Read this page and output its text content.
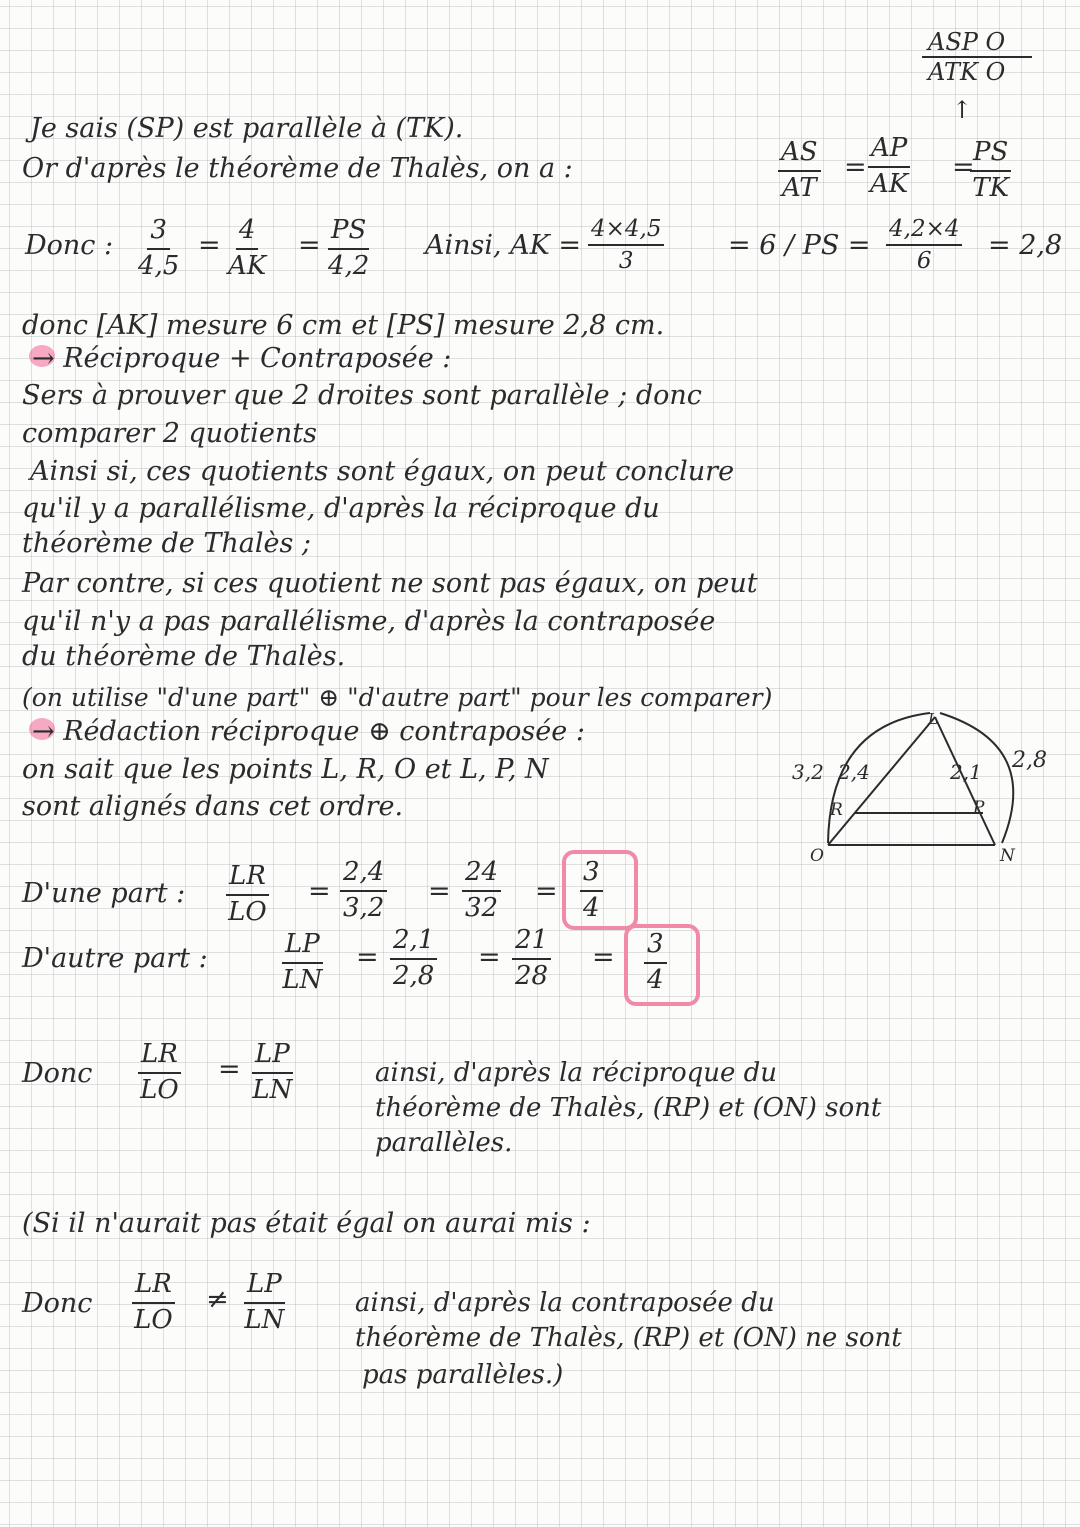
ASP O
ATK O
↑
Je sais (SP) est parallèle à (TK).
Or d'après le théorème de Thalès, on a :	$\frac{AS}{AT} = \frac{AP}{AK}$ =
$\frac{PS}{TK}$
Donc : $\frac{3}{4,5} = \frac{4}{AK} = \frac{PS}{4,2}$ Ainsi, AK = $\frac{4\times 4,5}{3} = 6$ / PS = $\frac{4,2\times 4}{6} = 2,8$
donc [AK] mesure 6 cm et [PS] mesure 2,8 cm.
→ Réciproque + Contraposée :
Sers à prouver que 2 droites sont parallèle ; donc
comparer 2 quotients
Ainsi si, ces quotients sont égaux, on peut conclure
qu'il y a parallélisme, d'après la réciproque du
théorème de Thalès ;
Par contre, si ces quotient ne sont pas égaux, on peut
qu'il n'y a pas parallélisme, d'après la contraposée
du théorème de Thalès.
(on utilise "d'une part" ⊕ "d'autre part" pour les comparer)
→ Rédaction réciproque ⊕ contraposée :
on sait que les points L, R, O et L, P, N
sont alignés dans cet ordre.
L
R	P
O	N
3,2 2,4	2,1 2,8
D'une part : $\frac{LR}{LO} = \frac{2,4}{3,2} = \frac{24}{32} = \frac{3}{4}$
D'autre part :	$\frac{LP}{LN} = \frac{2,1}{2,8} = \frac{21}{28} = \frac{3}{4}$
Donc $\frac{LR}{LO} = \frac{LP}{LN}$	ainsi, d'après la réciproque du
théorème de Thalès, (RP) et (ON) sont
parallèles.
(Si il n'aurait pas était égal on aurai mis :
Donc $\frac{LR}{LO} \ne \frac{LP}{LN}$	ainsi, d'après la contraposée du
théorème de Thalès, (RP) et (ON) ne sont
pas parallèles.)
